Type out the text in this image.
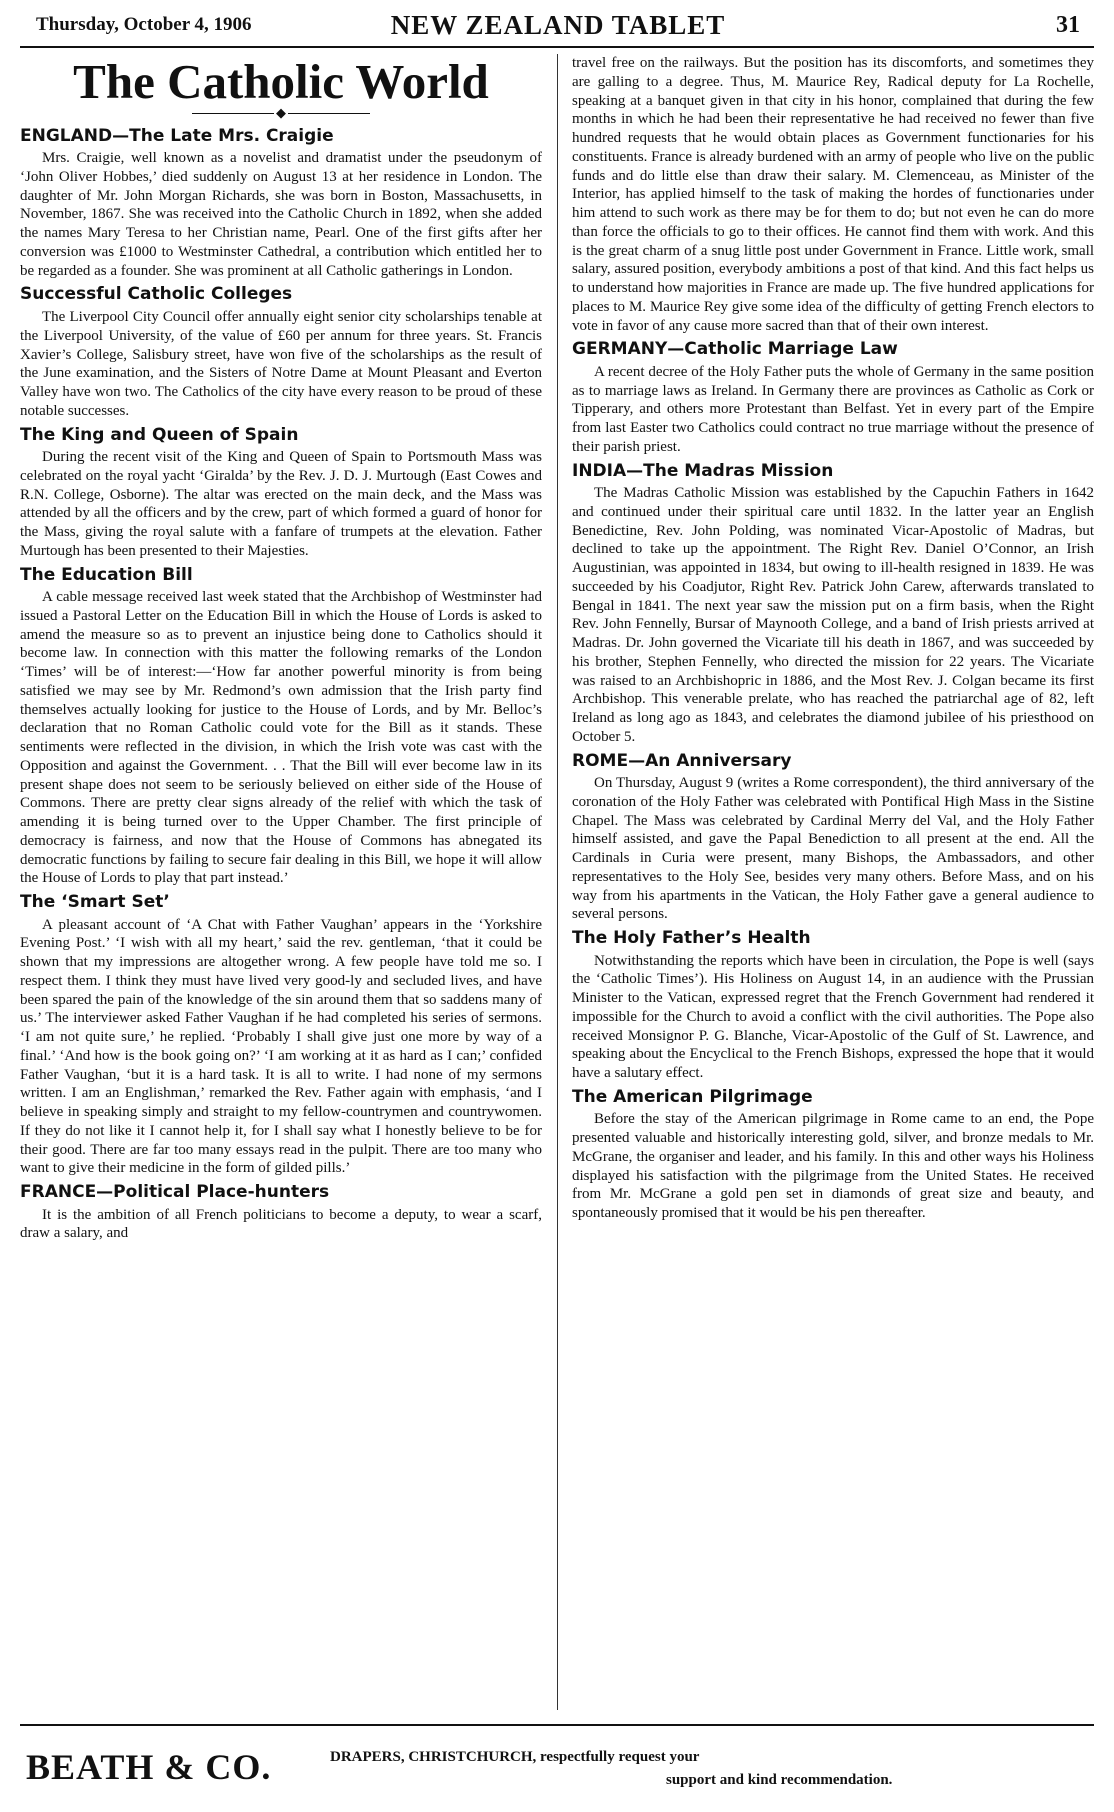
Thursday, October 4, 1906	NEW ZEALAND TABLET	31
The Catholic World
◆
ENGLAND—The Late Mrs. Craigie

Mrs. Craigie, well known as a novelist and dramatist under the pseudonym of ‘John Oliver Hobbes,’ died suddenly on August 13 at her residence in London. The daughter of Mr. John Morgan Richards, she was born in Boston, Massachusetts, in November, 1867. She was received into the Catholic Church in 1892, when she added the names Mary Teresa to her Christian name, Pearl. One of the first gifts after her conversion was £1000 to Westminster Cathedral, a contribution which entitled her to be regarded as a founder. She was prominent at all Catholic gatherings in London.

Successful Catholic Colleges

The Liverpool City Council offer annually eight senior city scholarships tenable at the Liverpool University, of the value of £60 per annum for three years. St. Francis Xavier’s College, Salisbury street, have won five of the scholarships as the result of the June examination, and the Sisters of Notre Dame at Mount Pleasant and Everton Valley have won two. The Catholics of the city have every reason to be proud of these notable successes.

The King and Queen of Spain

During the recent visit of the King and Queen of Spain to Portsmouth Mass was celebrated on the royal yacht ‘Giralda’ by the Rev. J. D. J. Murtough (East Cowes and R.N. College, Osborne). The altar was erected on the main deck, and the Mass was attended by all the officers and by the crew, part of which formed a guard of honor for the Mass, giving the royal salute with a fanfare of trumpets at the elevation. Father Murtough has been presented to their Majesties.

The Education Bill

A cable message received last week stated that the Archbishop of Westminster had issued a Pastoral Letter on the Education Bill in which the House of Lords is asked to amend the measure so as to prevent an injustice being done to Catholics should it become law. In connection with this matter the following remarks of the London ‘Times’ will be of interest:—‘How far another powerful minority is from being satisfied we may see by Mr. Redmond’s own admission that the Irish party find themselves actually looking for justice to the House of Lords, and by Mr. Belloc’s declaration that no Roman Catholic could vote for the Bill as it stands. These sentiments were reflected in the division, in which the Irish vote was cast with the Opposition and against the Government. . . That the Bill will ever become law in its present shape does not seem to be seriously believed on either side of the House of Commons. There are pretty clear signs already of the relief with which the task of amending it is being turned over to the Upper Chamber. The first principle of democracy is fairness, and now that the House of Commons has abnegated its democratic functions by failing to secure fair dealing in this Bill, we hope it will allow the House of Lords to play that part instead.’

The ‘Smart Set’

A pleasant account of ‘A Chat with Father Vaughan’ appears in the ‘Yorkshire Evening Post.’ ‘I wish with all my heart,’ said the rev. gentleman, ‘that it could be shown that my impressions are altogether wrong. A few people have told me so. I respect them. I think they must have lived very good-ly and secluded lives, and have been spared the pain of the knowledge of the sin around them that so saddens many of us.’ The interviewer asked Father Vaughan if he had completed his series of sermons. ‘I am not quite sure,’ he replied. ‘Probably I shall give just one more by way of a final.’ ‘And how is the book going on?’ ‘I am working at it as hard as I can;’ confided Father Vaughan, ‘but it is a hard task. It is all to write. I had none of my sermons written. I am an Englishman,’ remarked the Rev. Father again with emphasis, ‘and I believe in speaking simply and straight to my fellow-countrymen and countrywomen. If they do not like it I cannot help it, for I shall say what I honestly believe to be for their good. There are far too many essays read in the pulpit. There are too many who want to give their medicine in the form of gilded pills.’

FRANCE—Political Place-hunters

It is the ambition of all French politicians to become a deputy, to wear a scarf, draw a salary, and

travel free on the railways. But the position has its discomforts, and sometimes they are galling to a degree. Thus, M. Maurice Rey, Radical deputy for La Rochelle, speaking at a banquet given in that city in his honor, complained that during the few months in which he had been their representative he had received no fewer than five hundred requests that he would obtain places as Government functionaries for his constituents. France is already burdened with an army of people who live on the public funds and do little else than draw their salary. M. Clemenceau, as Minister of the Interior, has applied himself to the task of making the hordes of functionaries under him attend to such work as there may be for them to do; but not even he can do more than force the officials to go to their offices. He cannot find them with work. And this is the great charm of a snug little post under Government in France. Little work, small salary, assured position, everybody ambitions a post of that kind. And this fact helps us to understand how majorities in France are made up. The five hundred applications for places to M. Maurice Rey give some idea of the difficulty of getting French electors to vote in favor of any cause more sacred than that of their own interest.

GERMANY—Catholic Marriage Law

A recent decree of the Holy Father puts the whole of Germany in the same position as to marriage laws as Ireland. In Germany there are provinces as Catholic as Cork or Tipperary, and others more Protestant than Belfast. Yet in every part of the Empire from last Easter two Catholics could contract no true marriage without the presence of their parish priest.

INDIA—The Madras Mission

The Madras Catholic Mission was established by the Capuchin Fathers in 1642 and continued under their spiritual care until 1832. In the latter year an English Benedictine, Rev. John Polding, was nominated Vicar-Apostolic of Madras, but declined to take up the appointment. The Right Rev. Daniel O’Connor, an Irish Augustinian, was appointed in 1834, but owing to ill-health resigned in 1839. He was succeeded by his Coadjutor, Right Rev. Patrick John Carew, afterwards translated to Bengal in 1841. The next year saw the mission put on a firm basis, when the Right Rev. John Fennelly, Bursar of Maynooth College, and a band of Irish priests arrived at Madras. Dr. John governed the Vicariate till his death in 1867, and was succeeded by his brother, Stephen Fennelly, who directed the mission for 22 years. The Vicariate was raised to an Archbishopric in 1886, and the Most Rev. J. Colgan became its first Archbishop. This venerable prelate, who has reached the patriarchal age of 82, left Ireland as long ago as 1843, and celebrates the diamond jubilee of his priesthood on October 5.

ROME—An Anniversary

On Thursday, August 9 (writes a Rome correspondent), the third anniversary of the coronation of the Holy Father was celebrated with Pontifical High Mass in the Sistine Chapel. The Mass was celebrated by Cardinal Merry del Val, and the Holy Father himself assisted, and gave the Papal Benediction to all present at the end. All the Cardinals in Curia were present, many Bishops, the Ambassadors, and other representatives to the Holy See, besides very many others. Before Mass, and on his way from his apartments in the Vatican, the Holy Father gave a general audience to several persons.

The Holy Father’s Health

Notwithstanding the reports which have been in circulation, the Pope is well (says the ‘Catholic Times’). His Holiness on August 14, in an audience with the Prussian Minister to the Vatican, expressed regret that the French Government had rendered it impossible for the Church to avoid a conflict with the civil authorities. The Pope also received Monsignor P. G. Blanche, Vicar-Apostolic of the Gulf of St. Lawrence, and speaking about the Encyclical to the French Bishops, expressed the hope that it would have a salutary effect.

The American Pilgrimage

Before the stay of the American pilgrimage in Rome came to an end, the Pope presented valuable and historically interesting gold, silver, and bronze medals to Mr. McGrane, the organiser and leader, and his family. In this and other ways his Holiness displayed his satisfaction with the pilgrimage from the United States. He received from Mr. McGrane a gold pen set in diamonds of great size and beauty, and spontaneously promised that it would be his pen thereafter.

BEATH & CO.	DRAPERS, CHRISTCHURCH, respectfully request your
support and kind recommendation.
